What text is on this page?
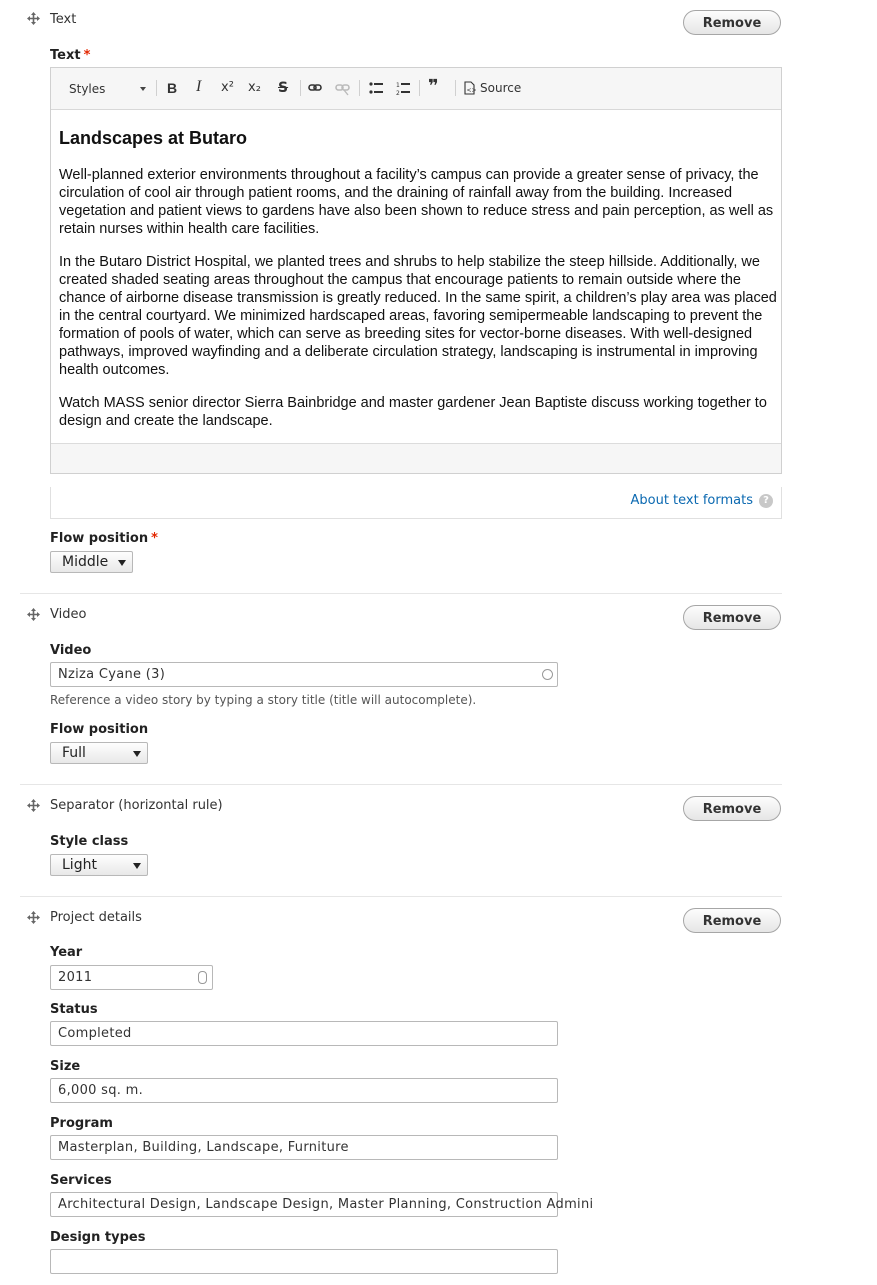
Text	Remove
Text *
Styles	B I x² x₂ S	1
2 ❞	<> Source
Landscapes at Butaro

Well-planned exterior environments throughout a facility’s campus can provide a greater sense of privacy, the circulation of cool air through patient rooms, and the draining of rainfall away from the building. Increased vegetation and patient views to gardens have also been shown to reduce stress and pain perception, as well as retain nurses within health care facilities.

In the Butaro District Hospital, we planted trees and shrubs to help stabilize the steep hillside. Additionally, we created shaded seating areas throughout the campus that encourage patients to remain outside where the chance of airborne disease transmission is greatly reduced. In the same spirit, a children’s play area was placed in the central courtyard. We minimized hardscaped areas, favoring semipermeable landscaping to prevent the formation of pools of water, which can serve as breeding sites for vector-borne diseases. With well-designed pathways, improved wayfinding and a deliberate circulation strategy, landscaping is instrumental in improving health outcomes.

Watch MASS senior director Sierra Bainbridge and master gardener Jean Baptiste discuss working together to design and create the landscape.

About text formats	?
Flow position *
Middle
Video	Remove
Video
Nziza Cyane (3)
Reference a video story by typing a story title (title will autocomplete).
Flow position
Full
Separator (horizontal rule)	Remove
Style class
Light
Project details	Remove
Year
2011
Status
Completed
Size
6,000 sq. m.
Program
Masterplan, Building, Landscape, Furniture
Services
Architectural Design, Landscape Design, Master Planning, Construction Admini
Design types
